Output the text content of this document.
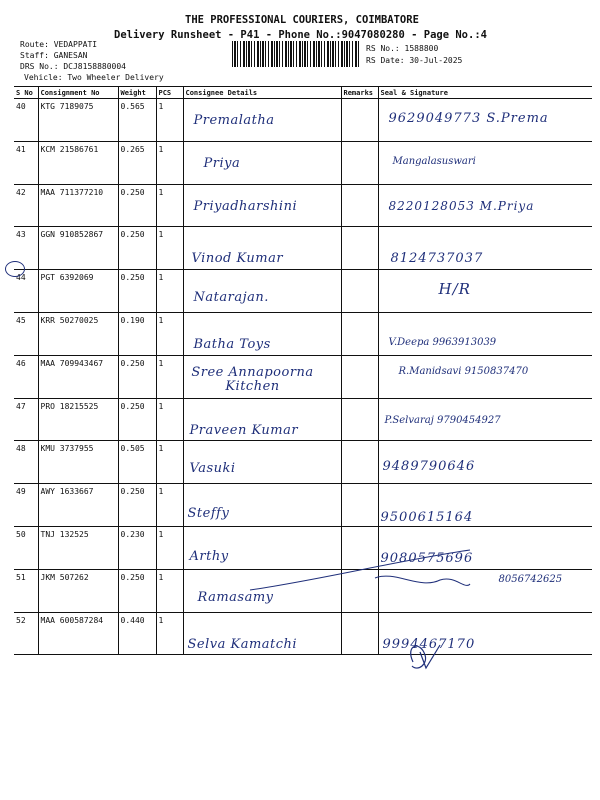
THE PROFESSIONAL COURIERS, COIMBATORE
Delivery Runsheet - P41 - Phone No.:9047080280 - Page No.:4
Route: VEDAPPATI
Staff: GANESAN
DRS No.: DCJ8158880004
Vehicle: Two Wheeler Delivery
RS No.: 1588800
RS Date: 30-Jul-2025
S No	Consignment No	Weight	PCS	Consignee Details	Remarks	Seal & Signature
40	KTG 7189075	0.565	1	Premalatha		9629049773 S.Prema

41	KCM 21586761	0.265	1	Priya		Mangalasuswari

42	MAA 711377210	0.250	1	Priyadharshini		8220128053 M.Priya

43	GGN 910852867	0.250	1	Vinod Kumar		8124737037

44	PGT 6392069	0.250	1	Natarajan.		H/R

45	KRR 50270025	0.190	1	Batha Toys		V.Deepa 9963913039

46	MAA 709943467	0.250	1	Sree Annapoorna Kitchen		R.Manidsavi 9150837470

47	PRO 18215525	0.250	1	Praveen Kumar		P.Selvaraj 9790454927

48	KMU 3737955	0.505	1	Vasuki		9489790646

49	AWY 1633667	0.250	1	Steffy		9500615164

50	TNJ 132525	0.230	1	Arthy		9080575696

51	JKM 507262	0.250	1	Ramasamy		8056742625

52	MAA 600587284	0.440	1	Selva Kamatchi		9994467170
